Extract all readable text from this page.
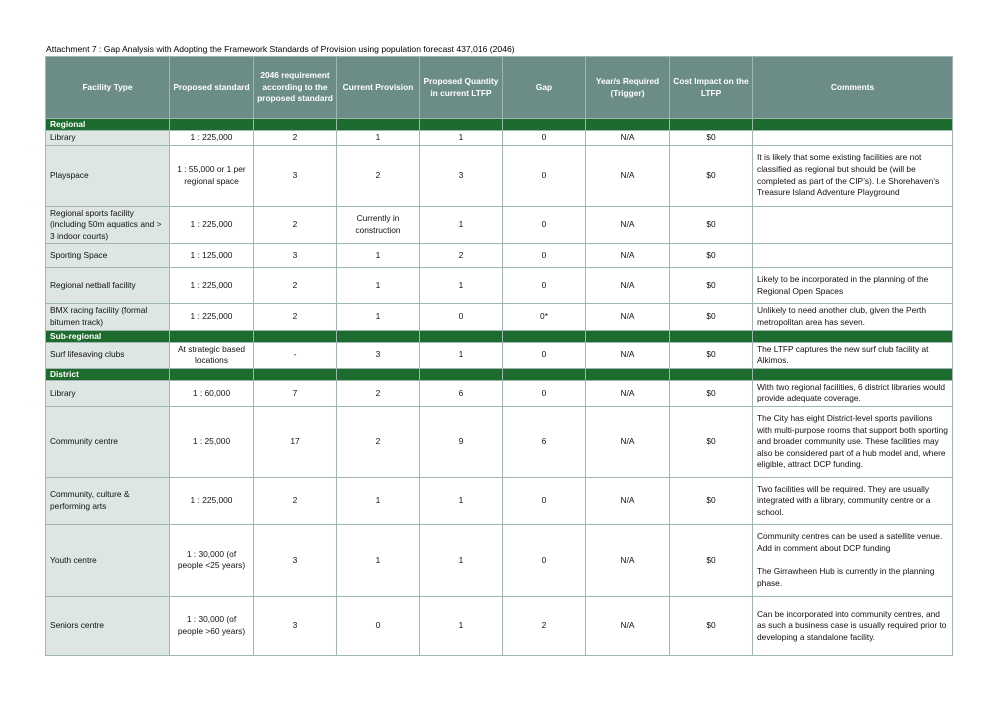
Attachment 7 : Gap Analysis with Adopting the Framework Standards of Provision using population forecast 437,016 (2046)
Facility Type	Proposed standard	2046 requirement according to the proposed standard	Current Provision	Proposed Quantity in current LTFP	Gap	Year/s Required (Trigger)	Cost Impact on the LTFP	Comments
Regional								
Library	1 : 225,000	2	1	1	0	N/A	$0	
Playspace	1 : 55,000 or 1 per regional space	3	2	3	0	N/A	$0	It is likely that some existing facilities are not classified as regional but should be (will be completed as part of the CIP’s). I.e Shorehaven’s Treasure Island Adventure Playground
Regional sports facility (including 50m aquatics and > 3 indoor courts)	1 : 225,000	2	Currently in construction	1	0	N/A	$0	
Sporting Space	1 : 125,000	3	1	2	0	N/A	$0	
Regional netball facility	1 : 225,000	2	1	1	0	N/A	$0	Likely to be incorporated in the planning of the Regional Open Spaces
BMX racing facility (formal bitumen track)	1 : 225,000	2	1	0	0*	N/A	$0	Unlikely to need another club, given the Perth metropolitan area has seven.
Sub-regional								
Surf lifesaving clubs	At strategic based locations	-	3	1	0	N/A	$0	The LTFP captures the new surf club facility at Alkimos.
District								
Library	1 : 60,000	7	2	6	0	N/A	$0	With two regional facilities, 6 district libraries would provide adequate coverage.
Community centre	1 : 25,000	17	2	9	6	N/A	$0	The City has eight District-level sports pavilions with multi-purpose rooms that support both sporting and broader community use. These facilities may also be considered part of a hub model and, where eligible, attract DCP funding.
Community, culture & performing arts	1 : 225,000	2	1	1	0	N/A	$0	Two facilities will be required. They are usually integrated with a library, community centre or a school.
Youth centre	1 : 30,000 (of people <25 years)	3	1	1	0	N/A	$0	Community centres can be used a satellite venue. Add in comment about DCP funding

The Girrawheen Hub is currently in the planning phase.
Seniors centre	1 : 30,000 (of people >60 years)	3	0	1	2	N/A	$0	Can be incorporated into community centres, and as such a business case is usually required prior to developing a standalone facility.
